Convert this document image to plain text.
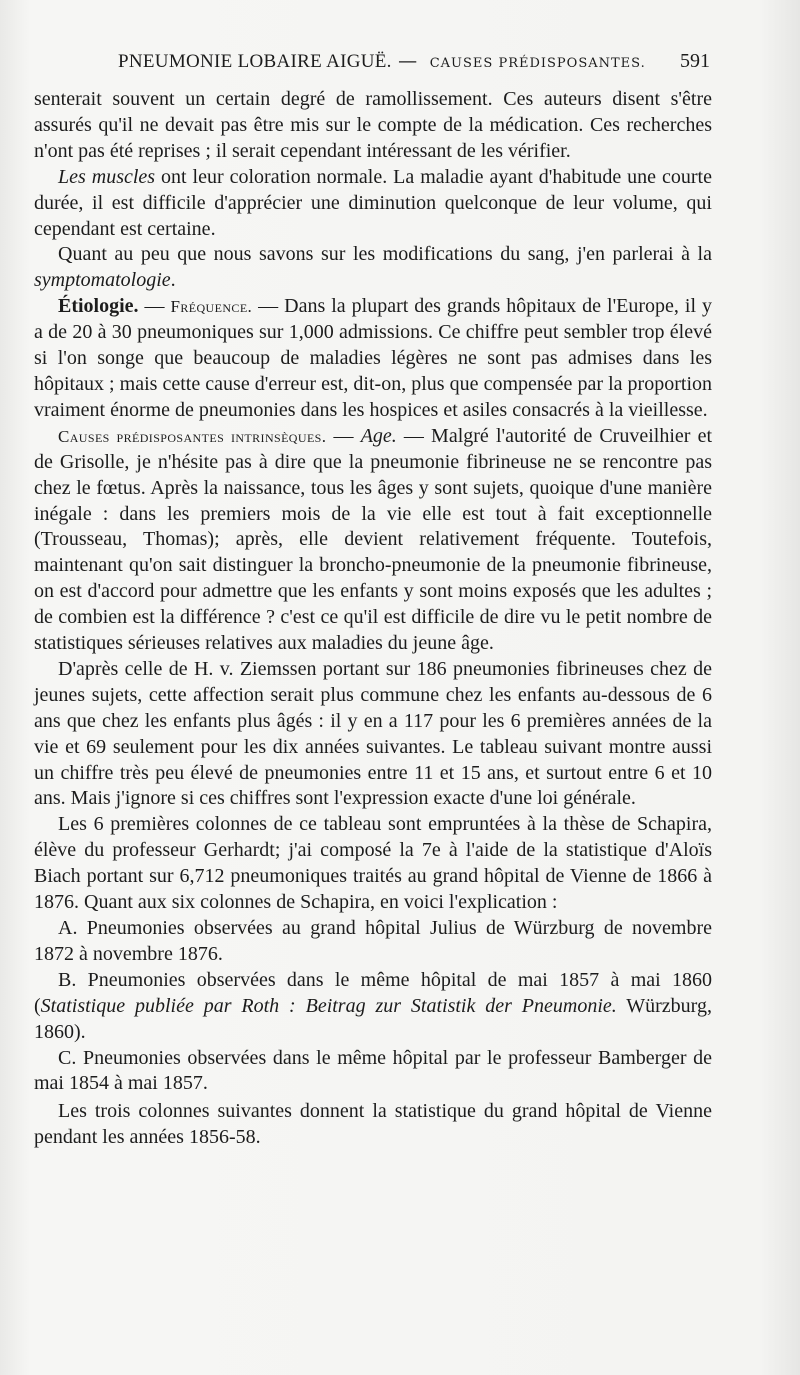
PNEUMONIE LOBAIRE AIGUË. — CAUSES PRÉDISPOSANTES.	591

senterait souvent un certain degré de ramollissement. Ces auteurs disent s'être assurés qu'il ne devait pas être mis sur le compte de la médication. Ces recherches n'ont pas été reprises ; il serait cependant intéressant de les vérifier.

Les muscles ont leur coloration normale. La maladie ayant d'habitude une courte durée, il est difficile d'apprécier une diminution quelconque de leur volume, qui cependant est certaine.

Quant au peu que nous savons sur les modifications du sang, j'en parlerai à la symptomatologie.

Étiologie. — Fréquence. — Dans la plupart des grands hôpitaux de l'Europe, il y a de 20 à 30 pneumoniques sur 1,000 admissions. Ce chiffre peut sembler trop élevé si l'on songe que beaucoup de maladies légères ne sont pas admises dans les hôpitaux ; mais cette cause d'erreur est, dit-on, plus que compensée par la proportion vraiment énorme de pneumonies dans les hospices et asiles consacrés à la vieillesse.

Causes prédisposantes intrinsèques. — Age. — Malgré l'autorité de Cruveilhier et de Grisolle, je n'hésite pas à dire que la pneumonie fibrineuse ne se rencontre pas chez le fœtus. Après la naissance, tous les âges y sont sujets, quoique d'une manière inégale : dans les premiers mois de la vie elle est tout à fait exceptionnelle (Trousseau, Thomas); après, elle devient relativement fréquente. Toutefois, maintenant qu'on sait distinguer la broncho-pneumonie de la pneumonie fibrineuse, on est d'accord pour admettre que les enfants y sont moins exposés que les adultes ; de combien est la différence ? c'est ce qu'il est difficile de dire vu le petit nombre de statistiques sérieuses relatives aux maladies du jeune âge.

D'après celle de H. v. Ziemssen portant sur 186 pneumonies fibrineuses chez de jeunes sujets, cette affection serait plus commune chez les enfants au-dessous de 6 ans que chez les enfants plus âgés : il y en a 117 pour les 6 premières années de la vie et 69 seulement pour les dix années suivantes. Le tableau suivant montre aussi un chiffre très peu élevé de pneumonies entre 11 et 15 ans, et surtout entre 6 et 10 ans. Mais j'ignore si ces chiffres sont l'expression exacte d'une loi générale.

Les 6 premières colonnes de ce tableau sont empruntées à la thèse de Schapira, élève du professeur Gerhardt; j'ai composé la 7e à l'aide de la statistique d'Aloïs Biach portant sur 6,712 pneumoniques traités au grand hôpital de Vienne de 1866 à 1876. Quant aux six colonnes de Schapira, en voici l'explication :

A. Pneumonies observées au grand hôpital Julius de Würzburg de novembre 1872 à novembre 1876.

B. Pneumonies observées dans le même hôpital de mai 1857 à mai 1860 (Statistique publiée par Roth : Beitrag zur Statistik der Pneumonie. Würzburg, 1860).

C. Pneumonies observées dans le même hôpital par le professeur Bamberger de mai 1854 à mai 1857.

Les trois colonnes suivantes donnent la statistique du grand hôpital de Vienne pendant les années 1856-58.
